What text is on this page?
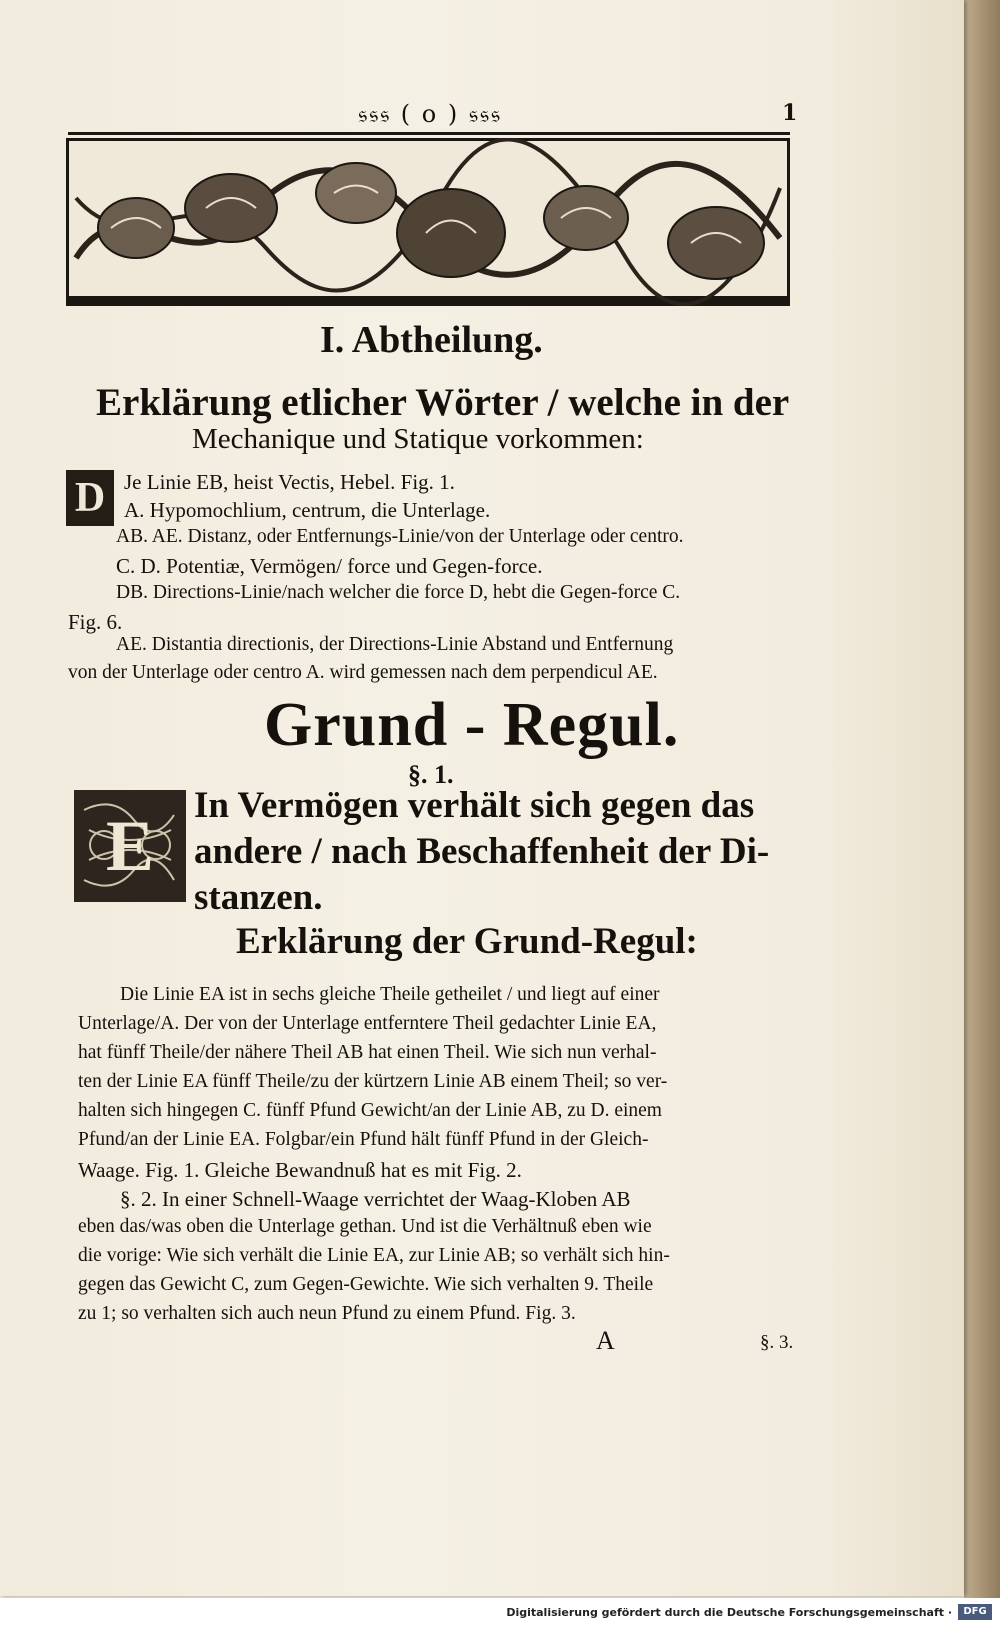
𝔰𝔰𝔰 ( o ) 𝔰𝔰𝔰	1
I. Abtheilung.
Erklärung etlicher Wörter / welche in der
Mechanique und Statique vorkommen:
D Je Linie EB, heist Vectis, Hebel. Fig. 1.
A. Hypomochlium, centrum, die Unterlage.
AB. AE. Distanz, oder Entfernungs-Linie/von der Unterlage oder centro.
C. D. Potentiæ, Vermögen/ force und Gegen-force.
DB. Directions-Linie/nach welcher die force D, hebt die Gegen-force C.
Fig. 6.
AE. Distantia directionis, der Directions-Linie Abstand und Entfernung
von der Unterlage oder centro A. wird gemessen nach dem perpendicul AE.
Grund - Regul.
§. 1.
E
In Vermögen verhält sich gegen das
andere / nach Beschaffenheit der Di-
stanzen.
Erklärung der Grund-Regul:
Die Linie EA ist in sechs gleiche Theile getheilet / und liegt auf einer
Unterlage/A. Der von der Unterlage entferntere Theil gedachter Linie EA,
hat fünff Theile/der nähere Theil AB hat einen Theil. Wie sich nun verhal-
ten der Linie EA fünff Theile/zu der kürtzern Linie AB einem Theil; so ver-
halten sich hingegen C. fünff Pfund Gewicht/an der Linie AB, zu D. einem
Pfund/an der Linie EA. Folgbar/ein Pfund hält fünff Pfund in der Gleich-
Waage. Fig. 1. Gleiche Bewandnuß hat es mit Fig. 2.
§. 2. In einer Schnell-Waage verrichtet der Waag-Kloben AB
eben das/was oben die Unterlage gethan. Und ist die Verhältnuß eben wie
die vorige: Wie sich verhält die Linie EA, zur Linie AB; so verhält sich hin-
gegen das Gewicht C, zum Gegen-Gewichte. Wie sich verhalten 9. Theile
zu 1; so verhalten sich auch neun Pfund zu einem Pfund. Fig. 3.
A	§. 3.
Digitalisierung gefördert durch die Deutsche Forschungsgemeinschaft ·	DFG
